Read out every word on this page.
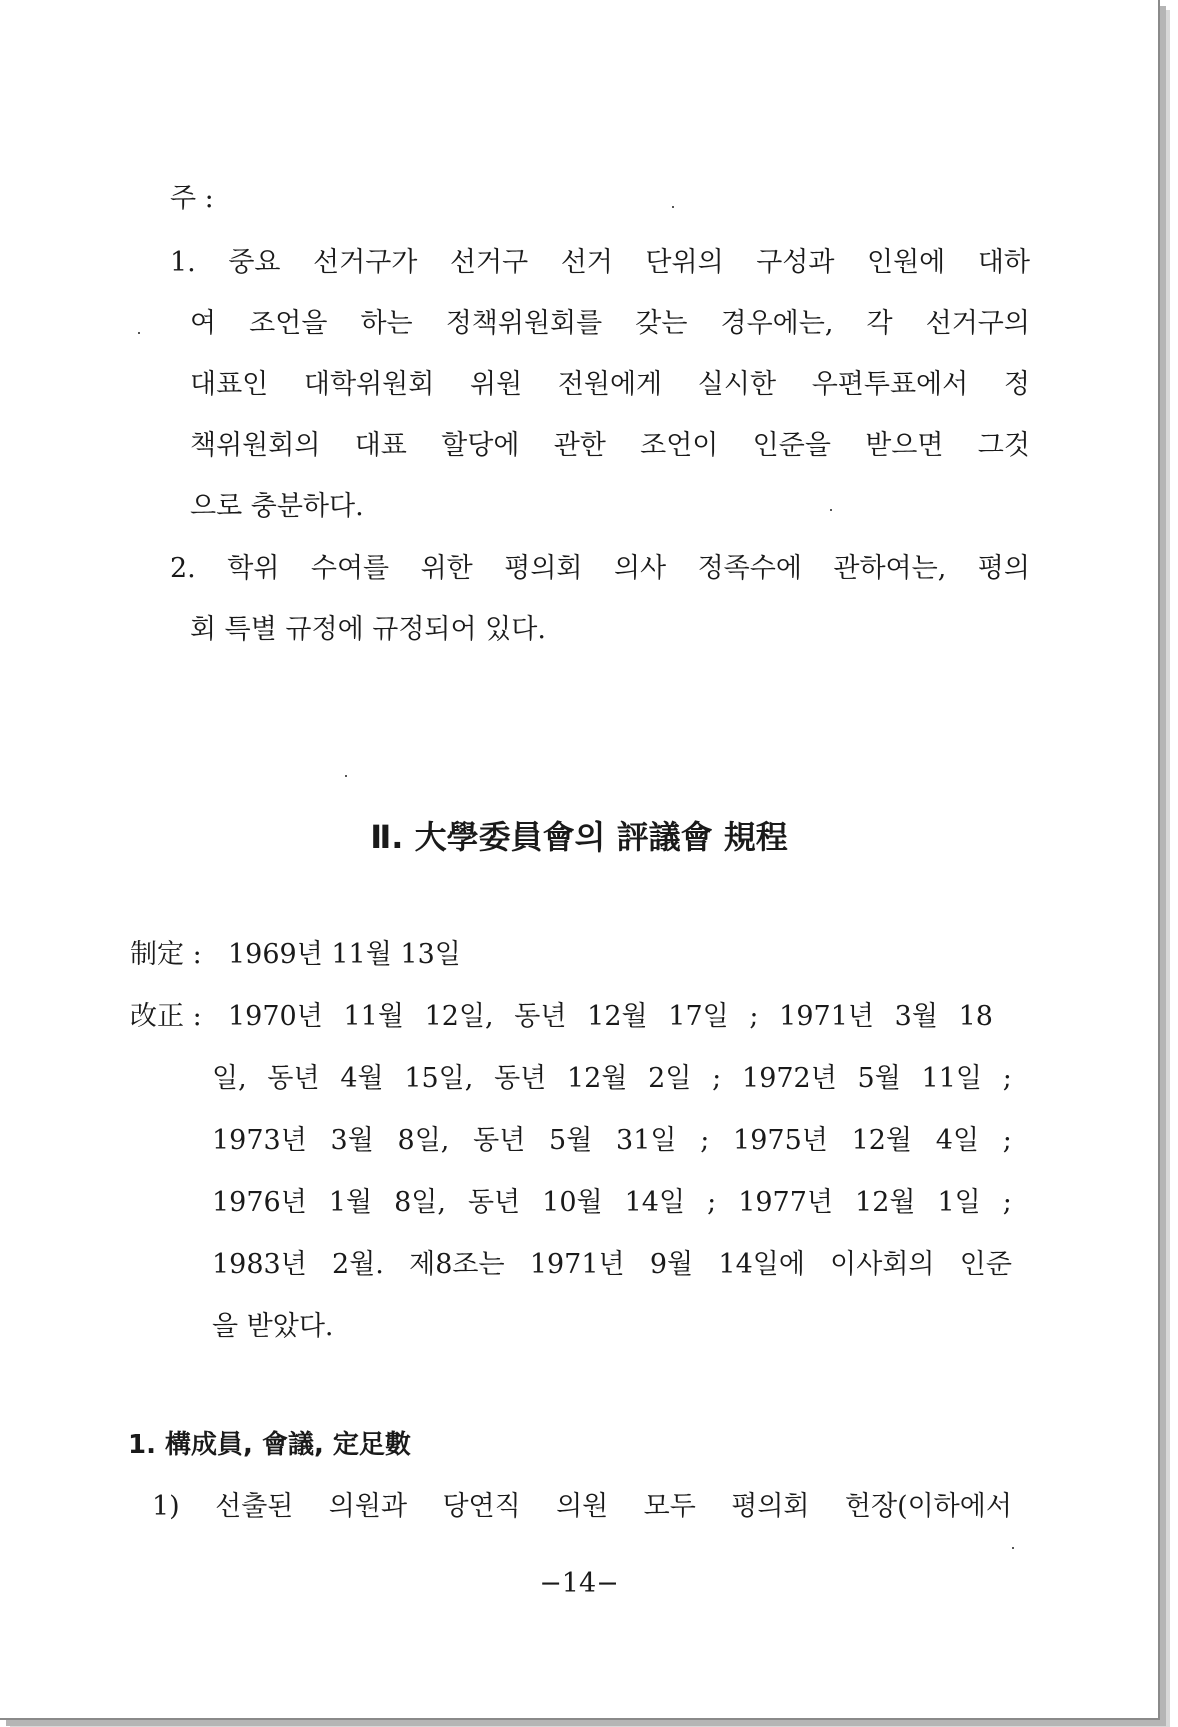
주 :
1. 중요 선거구가 선거구 선거 단위의 구성과 인원에 대하
여 조언을 하는 정책위원회를 갖는 경우에는, 각 선거구의
대표인 대학위원회 위원 전원에게 실시한 우편투표에서 정
책위원회의 대표 할당에 관한 조언이 인준을 받으면 그것
으로 충분하다.
2. 학위 수여를 위한 평의회 의사 정족수에 관하여는, 평의
회 특별 규정에 규정되어 있다.
Ⅱ. 大學委員會의 評議會 規程
制定 : 1969년 11월 13일
改正 : 1970년 11월 12일, 동년 12월 17일 ; 1971년 3월 18
일, 동년 4월 15일, 동년 12월 2일 ; 1972년 5월 11일 ;
1973년 3월 8일, 동년 5월 31일 ; 1975년 12월 4일 ;
1976년 1월 8일, 동년 10월 14일 ; 1977년 12월 1일 ;
1983년 2월. 제8조는 1971년 9월 14일에 이사회의 인준
을 받았다.
1. 構成員, 會議, 定足數
1) 선출된 의원과 당연직 의원 모두 평의회 헌장(이하에서
−14−
